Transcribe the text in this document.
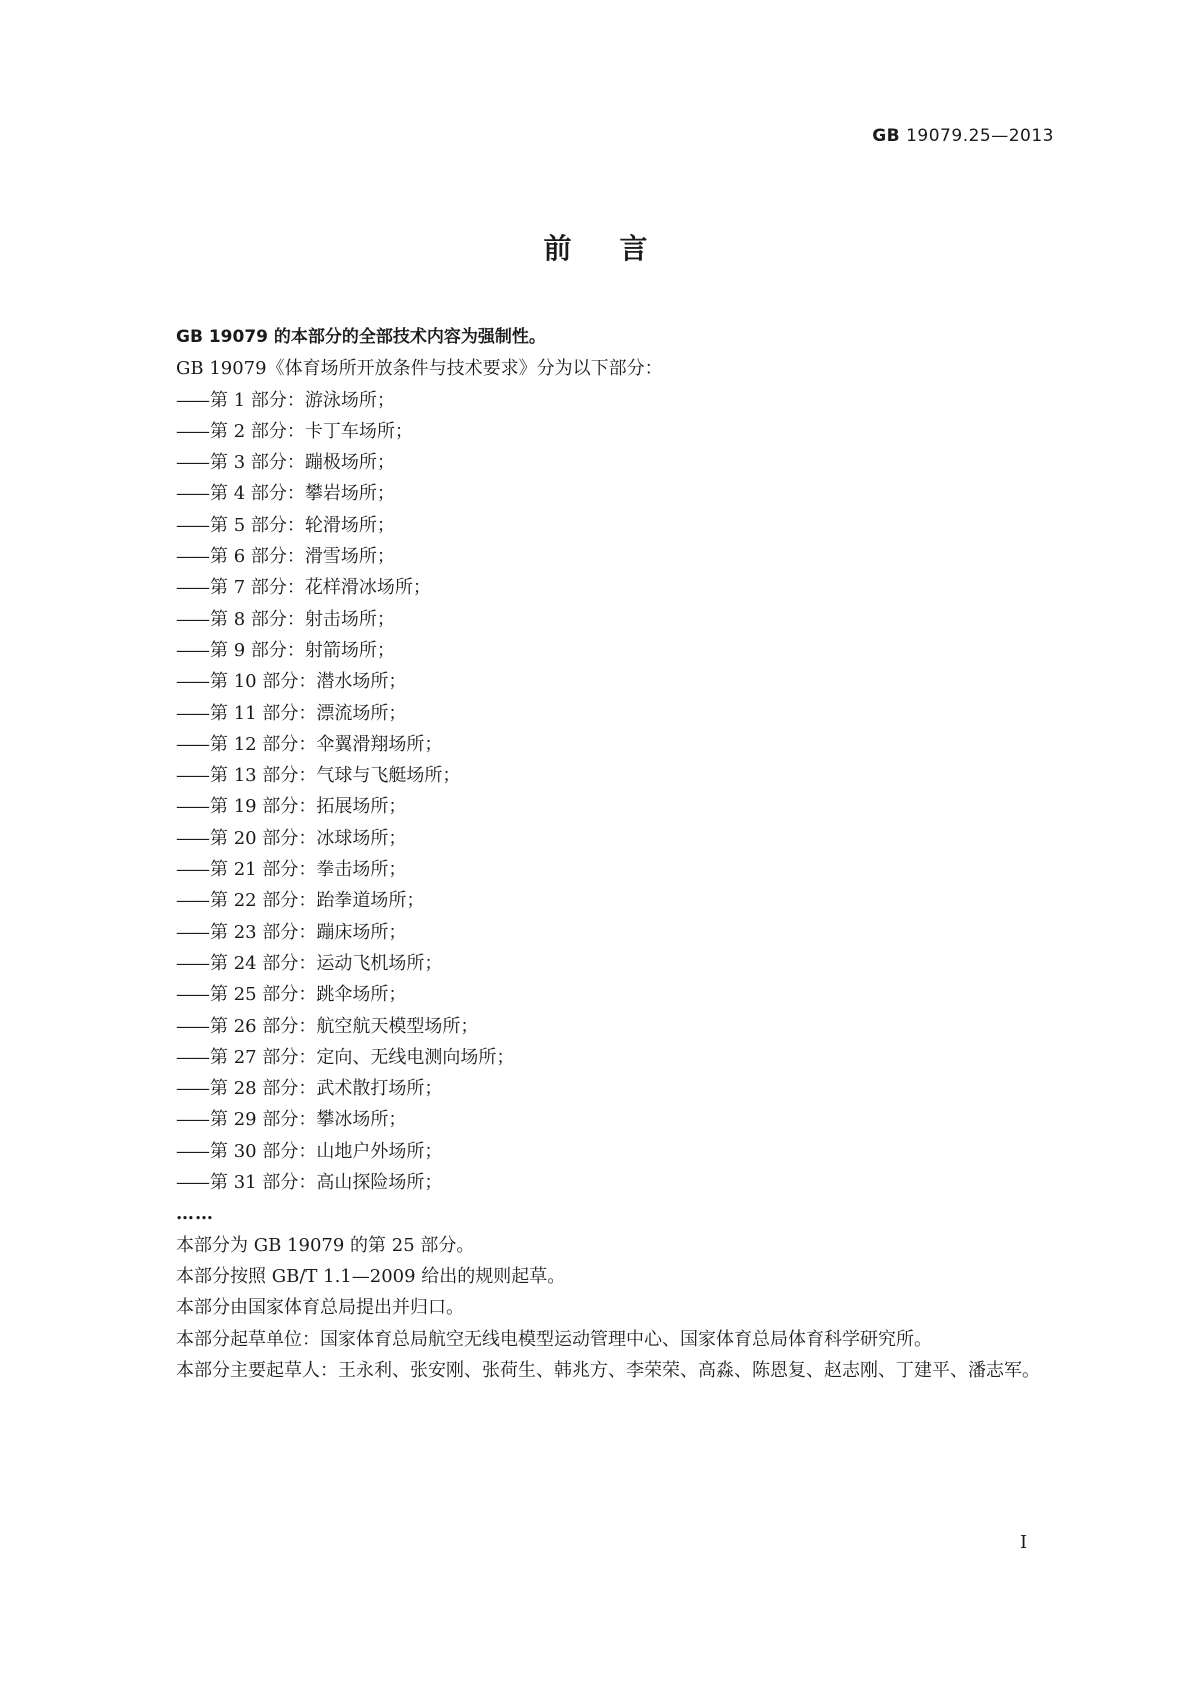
GB 19079.25—2013
前言
GB 19079 的本部分的全部技术内容为强制性。
GB 19079《体育场所开放条件与技术要求》分为以下部分：
—— 第 1 部分：游泳场所；
—— 第 2 部分：卡丁车场所；
—— 第 3 部分：蹦极场所；
—— 第 4 部分：攀岩场所；
—— 第 5 部分：轮滑场所；
—— 第 6 部分：滑雪场所；
—— 第 7 部分：花样滑冰场所；
—— 第 8 部分：射击场所；
—— 第 9 部分：射箭场所；
—— 第 10 部分：潜水场所；
—— 第 11 部分：漂流场所；
—— 第 12 部分：伞翼滑翔场所；
—— 第 13 部分：气球与飞艇场所；
—— 第 19 部分：拓展场所；
—— 第 20 部分：冰球场所；
—— 第 21 部分：拳击场所；
—— 第 22 部分：跆拳道场所；
—— 第 23 部分：蹦床场所；
—— 第 24 部分：运动飞机场所；
—— 第 25 部分：跳伞场所；
—— 第 26 部分：航空航天模型场所；
—— 第 27 部分：定向、无线电测向场所；
—— 第 28 部分：武术散打场所；
—— 第 29 部分：攀冰场所；
—— 第 30 部分：山地户外场所；
—— 第 31 部分：高山探险场所；
……
本部分为 GB 19079 的第 25 部分。
本部分按照 GB/T 1.1—2009 给出的规则起草。
本部分由国家体育总局提出并归口。
本部分起草单位：国家体育总局航空无线电模型运动管理中心、国家体育总局体育科学研究所。
本部分主要起草人：王永利、张安刚、张荷生、韩兆方、李荣荣、高淼、陈恩复、赵志刚、丁建平、潘志军。
I
